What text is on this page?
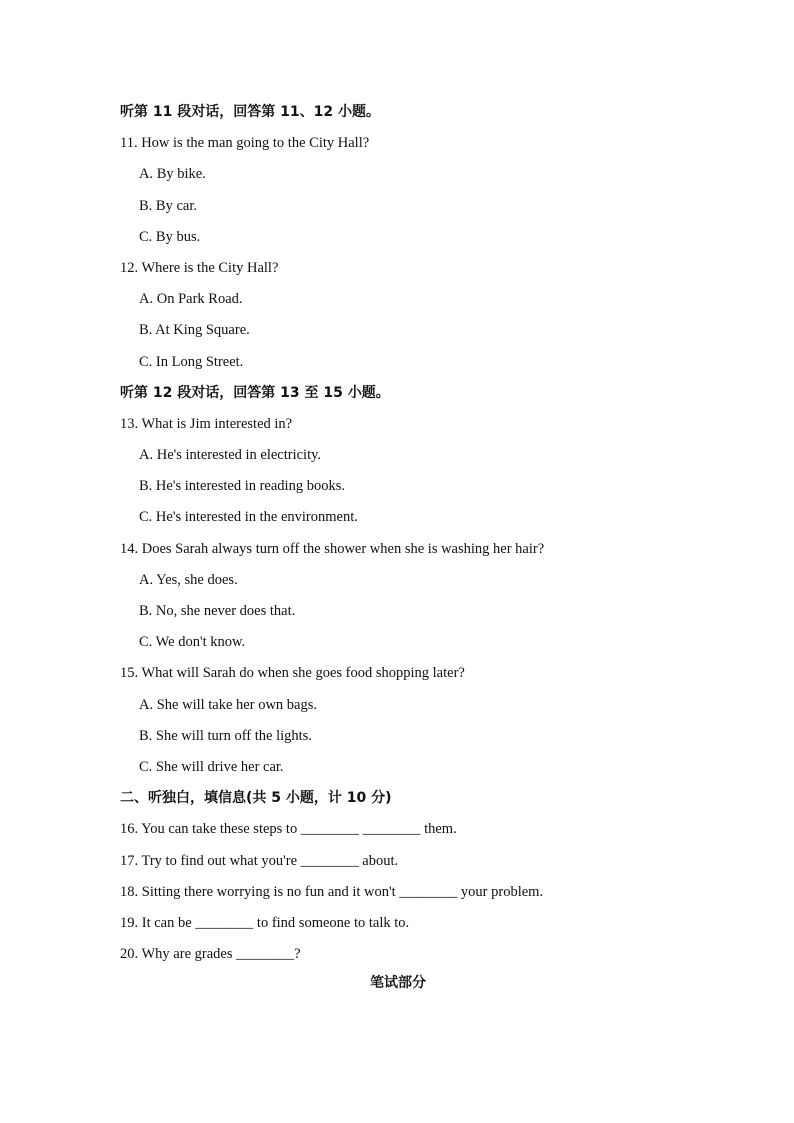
听第 11 段对话，回答第 11、12 小题。
11. How is the man going to the City Hall?
A. By bike.
B. By car.
C. By bus.
12. Where is the City Hall?
A. On Park Road.
B. At King Square.
C. In Long Street.
听第 12 段对话，回答第 13 至 15 小题。
13. What is Jim interested in?
A. He's interested in electricity.
B. He's interested in reading books.
C. He's interested in the environment.
14. Does Sarah always turn off the shower when she is washing her hair?
A. Yes, she does.
B. No, she never does that.
C. We don't know.
15. What will Sarah do when she goes food shopping later?
A. She will take her own bags.
B. She will turn off the lights.
C. She will drive her car.
二、听独白，填信息(共 5 小题，计 10 分)
16. You can take these steps to ________ ________ them.
17. Try to find out what you're ________ about.
18. Sitting there worrying is no fun and it won't ________ your problem.
19. It can be ________ to find someone to talk to.
20. Why are grades ________?
笔试部分
